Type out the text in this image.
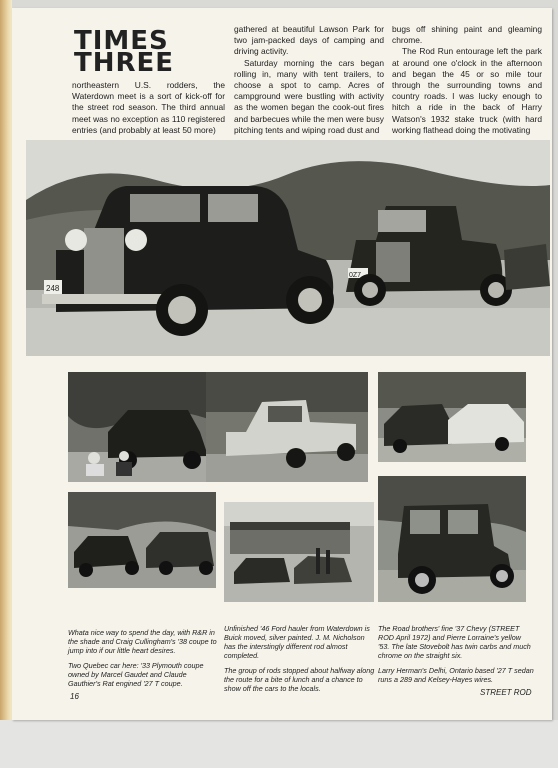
TIMES THREE

northeastern U.S. rodders, the Waterdown meet is a sort of kick-off for the street rod season. The third annual meet was no exception as 110 registered entries (and probably at least 50 more)

gathered at beautiful Lawson Park for two jam-packed days of camping and driving activity.

Saturday morning the cars began rolling in, many with tent trailers, to choose a spot to camp. Acres of campground were bustling with activity as the women began the cook-out fires and barbecues while the men were busy pitching tents and wiping road dust and

bugs off shining paint and gleaming chrome.

The Rod Run entourage left the park at around one o'clock in the afternoon and began the 45 or so mile tour through the surrounding towns and country roads. I was lucky enough to hitch a ride in the back of Harry Watson's 1932 stake truck (with hard working flathead doing the motivating

248
0Z7

Whata nice way to spend the day, with R&R in the shade and Craig Cullingham's '38 coupe to jump into if our little heart desires.

Two Quebec car here: '33 Plymouth coupe owned by Marcel Gaudet and Claude Gauthier's Rat engined '27 T coupe.

Unfinished '46 Ford hauler from Waterdown is Buick moved, silver painted. J. M. Nicholson has the interstingly different rod almost completed.

The group of rods stopped about halfway along the route for a bite of lunch and a chance to show off the cars to the locals.

The Road brothers' fine '37 Chevy (STREET ROD April 1972) and Pierre Lorraine's yellow '53. The late Stovebolt has twin carbs and much chrome on the straight six.

Larry Herman's Delhi, Ontario based '27 T sedan runs a 289 and Kelsey-Hayes wires.

16	STREET ROD
